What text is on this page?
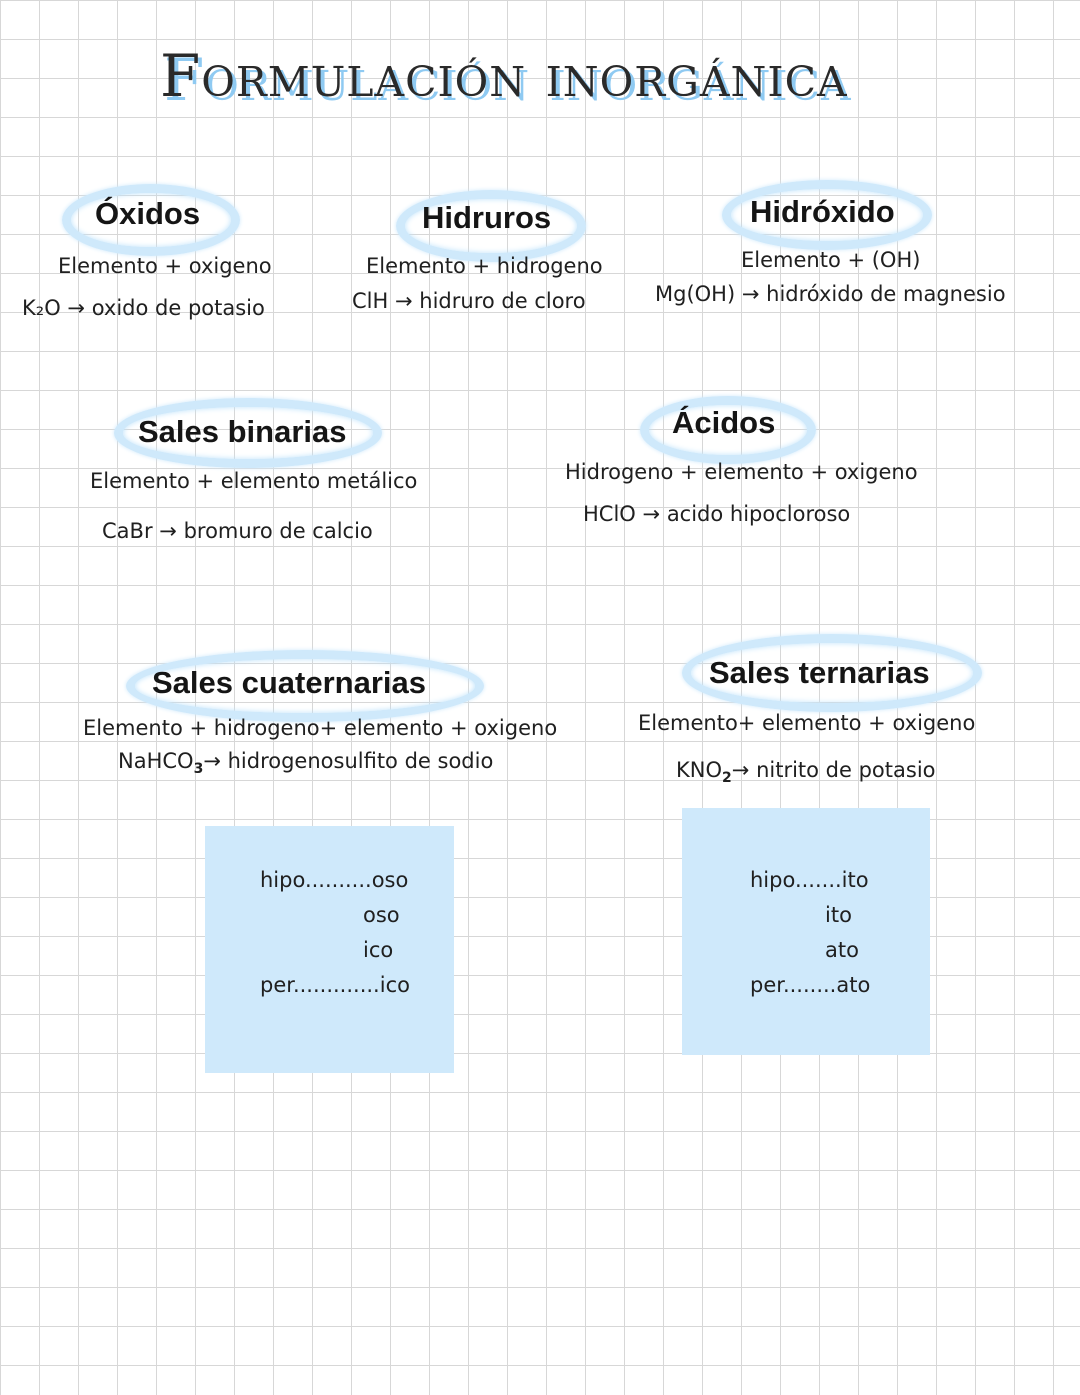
Formulación inorgánica
Óxidos
Elemento + oxigeno
K₂O → oxido de potasio
Hidruros
Elemento + hidrogeno
ClH → hidruro de cloro
Hidróxido
Elemento + (OH)
Mg(OH) → hidróxido de magnesio
Sales binarias
Elemento + elemento metálico
CaBr → bromuro de calcio
Ácidos
Hidrogeno + elemento + oxigeno
HClO → acido hipocloroso
Sales cuaternarias
Elemento + hidrogeno+ elemento + oxigeno
NaHCO$_3$→ hidrogenosulfito de sodio
Sales ternarias
Elemento+ elemento + oxigeno
$KNO_2\to$ nitrito de potasio
hipo..........oso
oso
ico
per.............ico
hipo.......ito
ito
ato
per........ato
